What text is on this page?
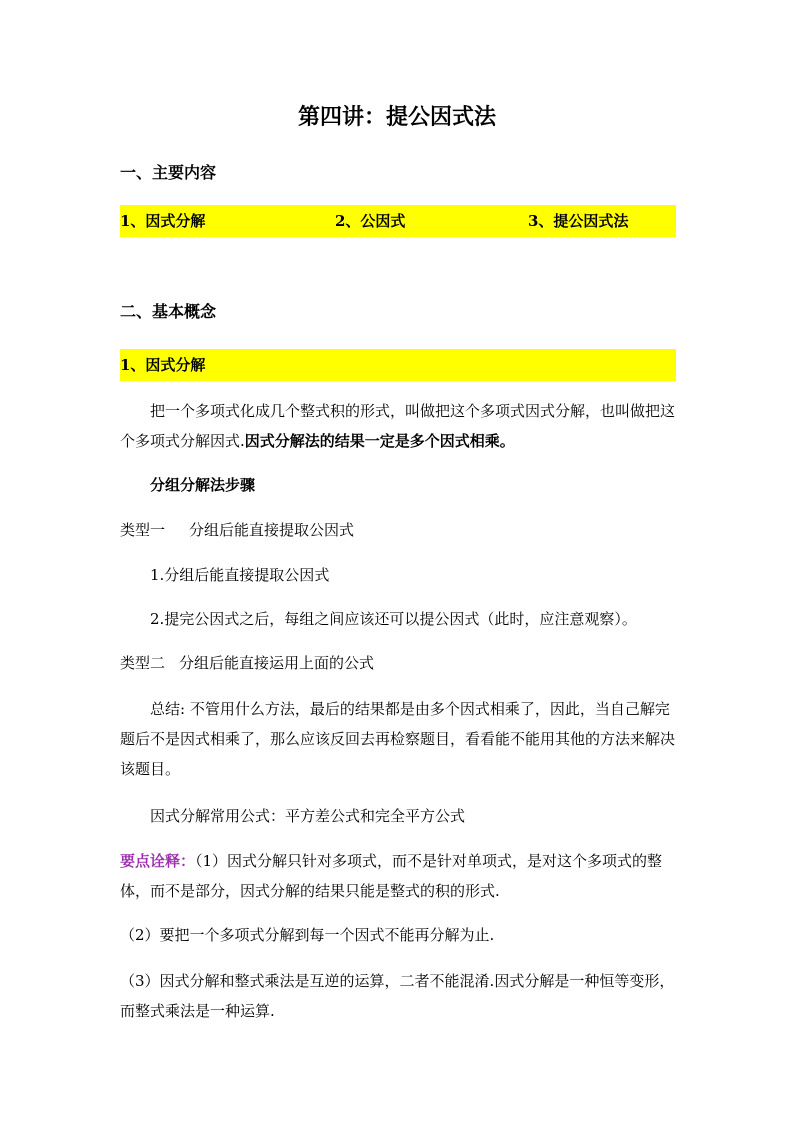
第四讲：提公因式法
一、主要内容
1、因式分解	2、公因式	3、提公因式法
二、基本概念
1、因式分解
把一个多项式化成几个整式积的形式，叫做把这个多项式因式分解，也叫做把这个多项式分解因式.因式分解法的结果一定是多个因式相乘。
分组分解法步骤
类型一 分组后能直接提取公因式
1.分组后能直接提取公因式
2.提完公因式之后，每组之间应该还可以提公因式（此时，应注意观察）。
类型二 分组后能直接运用上面的公式
总结: 不管用什么方法，最后的结果都是由多个因式相乘了，因此，当自己解完题后不是因式相乘了，那么应该反回去再检察题目，看看能不能用其他的方法来解决该题目。
因式分解常用公式：平方差公式和完全平方公式
要点诠释：（1）因式分解只针对多项式，而不是针对单项式，是对这个多项式的整体，而不是部分，因式分解的结果只能是整式的积的形式.
（2）要把一个多项式分解到每一个因式不能再分解为止.
（3）因式分解和整式乘法是互逆的运算，二者不能混淆.因式分解是一种恒等变形，而整式乘法是一种运算.
